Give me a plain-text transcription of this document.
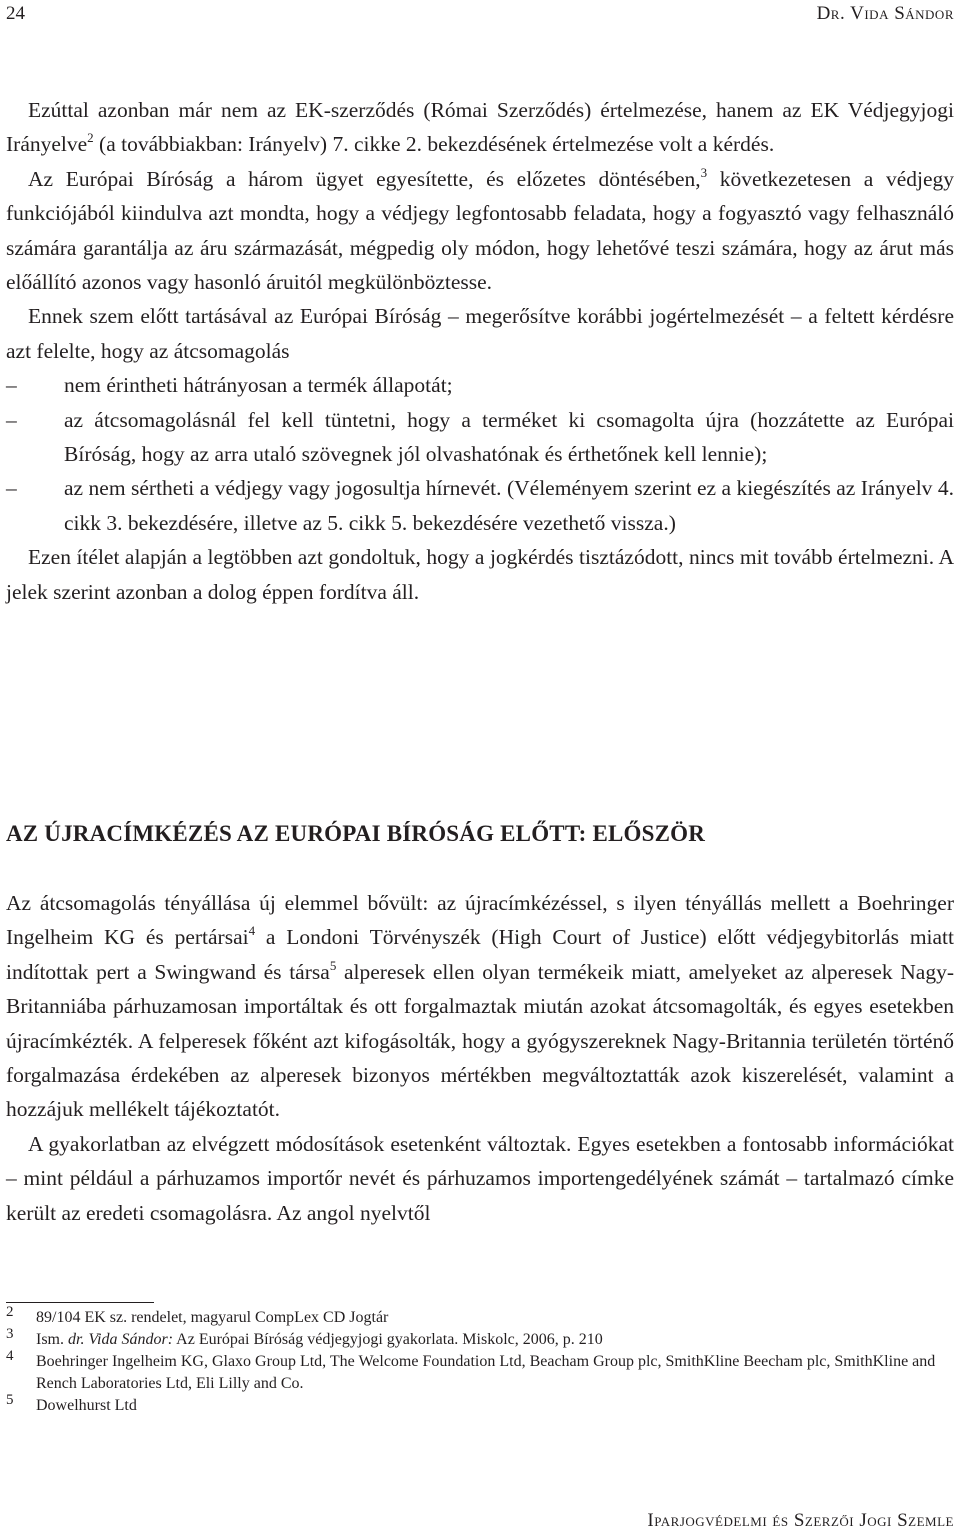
24	Dr. Vida Sándor

Ezúttal azonban már nem az EK-szerződés (Római Szerződés) értelmezése, hanem az EK Védjegyjogi Irányelve$^2$ (a továbbiakban: Irányelv) 7. cikke 2. bekezdésének értelmezése volt a kérdés.

Az Európai Bíróság a három ügyet egyesítette, és előzetes döntésében,$^3$ következetesen a védjegy funkciójából kiindulva azt mondta, hogy a védjegy legfontosabb feladata, hogy a fogyasztó vagy felhasználó számára garantálja az áru származását, mégpedig oly módon, hogy lehetővé teszi számára, hogy az árut más előállító azonos vagy hasonló áruitól megkülönböztesse.

Ennek szem előtt tartásával az Európai Bíróság – megerősítve korábbi jogértelmezését – a feltett kérdésre azt felelte, hogy az átcsomagolás

–	nem érintheti hátrányosan a termék állapotát;
–	az átcsomagolásnál fel kell tüntetni, hogy a terméket ki csomagolta újra (hozzátette az Európai Bíróság, hogy az arra utaló szövegnek jól olvashatónak és érthetőnek kell lennie);
–	az nem sértheti a védjegy vagy jogosultja hírnevét. (Véleményem szerint ez a kiegészítés az Irányelv 4. cikk 3. bekezdésére, illetve az 5. cikk 5. bekezdésére vezethető vissza.)

Ezen ítélet alapján a legtöbben azt gondoltuk, hogy a jogkérdés tisztázódott, nincs mit tovább értelmezni. A jelek szerint azonban a dolog éppen fordítva áll.

AZ ÚJRACÍMKÉZÉS AZ EURÓPAI BÍRÓSÁG ELŐTT: ELŐSZÖR

Az átcsomagolás tényállása új elemmel bővült: az újracímkézéssel, s ilyen tényállás mellett a Boehringer Ingelheim KG és pertársai$^4$ a Londoni Törvényszék (High Court of Justice) előtt védjegybitorlás miatt indítottak pert a Swingwand és társa$^5$ alperesek ellen olyan termékeik miatt, amelyeket az alperesek Nagy-Britanniába párhuzamosan importáltak és ott forgalmaztak miután azokat átcsomagolták, és egyes esetekben újracímkézték. A felperesek főként azt kifogásolták, hogy a gyógyszereknek Nagy-Britannia területén történő forgalmazása érdekében az alperesek bizonyos mértékben megváltoztatták azok kiszerelését, valamint a hozzájuk mellékelt tájékoztatót.

A gyakorlatban az elvégzett módosítások esetenként változtak. Egyes esetekben a fontosabb információkat – mint például a párhuzamos importőr nevét és párhuzamos importengedélyének számát – tartalmazó címke került az eredeti csomagolásra. Az angol nyelvtől

2 89/104 EK sz. rendelet, magyarul CompLex CD Jogtár
3 Ism. dr. Vida Sándor: Az Európai Bíróság védjegyjogi gyakorlata. Miskolc, 2006, p. 210
4 Boehringer Ingelheim KG, Glaxo Group Ltd, The Welcome Foundation Ltd, Beacham Group plc, SmithKline Beecham plc, SmithKline and Rench Laboratories Ltd, Eli Lilly and Co.
5 Dowelhurst Ltd
Iparjogvédelmi és Szerzői Jogi Szemle
